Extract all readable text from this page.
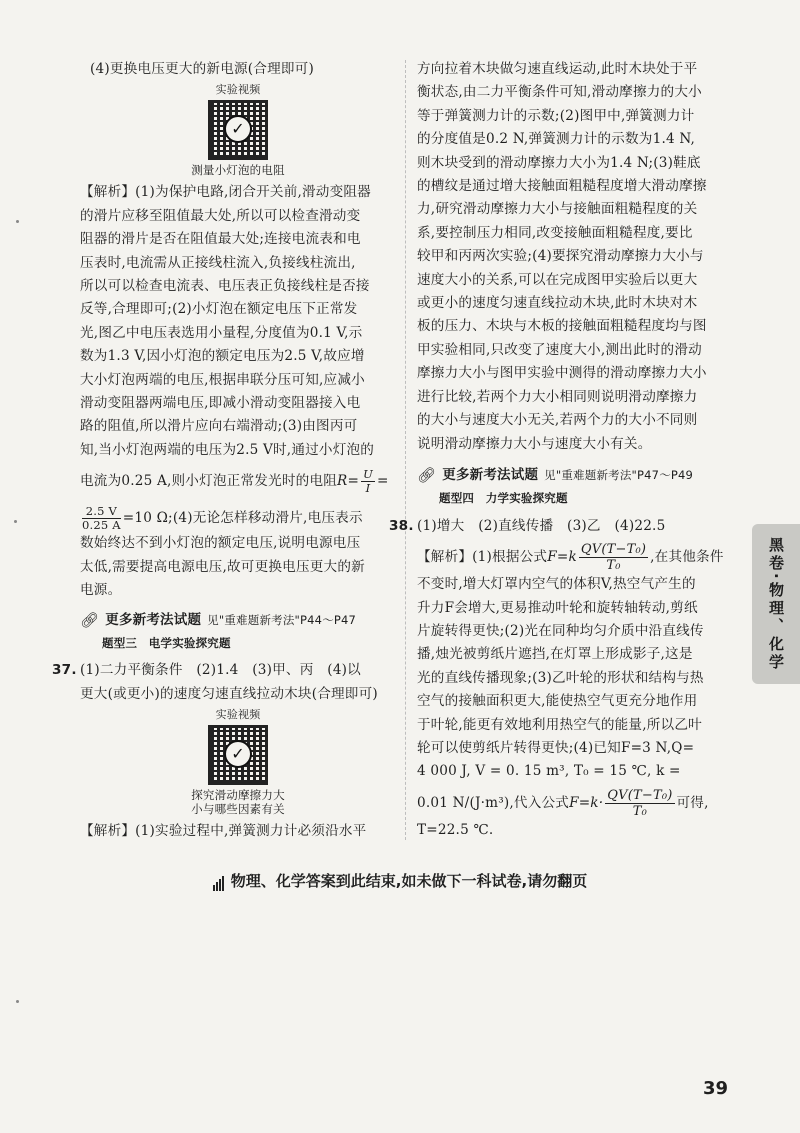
(4)更换电压更大的新电源(合理即可)

实验视频
✓
测量小灯泡的电阻

【解析】(1)为保护电路,闭合开关前,滑动变阻器

的滑片应移至阻值最大处,所以可以检查滑动变

阻器的滑片是否在阻值最大处;连接电流表和电

压表时,电流需从正接线柱流入,负接线柱流出,

所以可以检查电流表、电压表正负接线柱是否接

反等,合理即可;(2)小灯泡在额定电压下正常发

光,图乙中电压表选用小量程,分度值为0.1 V,示

数为1.3 V,因小灯泡的额定电压为2.5 V,故应增

大小灯泡两端的电压,根据串联分压可知,应减小

滑动变阻器两端电压,即减小滑动变阻器接入电

路的阻值,所以滑片应向右端滑动;(3)由图丙可

知,当小灯泡两端的电压为2.5 V时,通过小灯泡的

电流为0.25 A,则小灯泡正常发光时的电阻$R= \frac{U}{I}$ =

$\frac{2.5 V}{0.25 A} =10$ Ω;(4)无论怎样移动滑片,电压表示

数始终达不到小灯泡的额定电压,说明电源电压

太低,需要提高电源电压,故可更换电压更大的新

电源。

🔗︎ 更多新考法试题 见"重难题新考法"P44～P47
题型三　电学实验探究题

37. (1)二力平衡条件　(2)1.4　(3)甲、丙　(4)以

更大(或更小)的速度匀速直线拉动木块(合理即可)

实验视频
✓
探究滑动摩擦力大
小与哪些因素有关

【解析】(1)实验过程中,弹簧测力计必须沿水平

方向拉着木块做匀速直线运动,此时木块处于平

衡状态,由二力平衡条件可知,滑动摩擦力的大小

等于弹簧测力计的示数;(2)图甲中,弹簧测力计

的分度值是0.2 N,弹簧测力计的示数为1.4 N,

则木块受到的滑动摩擦力大小为1.4 N;(3)鞋底

的槽纹是通过增大接触面粗糙程度增大滑动摩擦

力,研究滑动摩擦力大小与接触面粗糙程度的关

系,要控制压力相同,改变接触面粗糙程度,要比

较甲和丙两次实验;(4)要探究滑动摩擦力大小与

速度大小的关系,可以在完成图甲实验后以更大

或更小的速度匀速直线拉动木块,此时木块对木

板的压力、木块与木板的接触面粗糙程度均与图

甲实验相同,只改变了速度大小,测出此时的滑动

摩擦力大小与图甲实验中测得的滑动摩擦力大小

进行比较,若两个力大小相同则说明滑动摩擦力

的大小与速度大小无关,若两个力的大小不同则

说明滑动摩擦力大小与速度大小有关。

🔗︎ 更多新考法试题 见"重难题新考法"P47～P49
题型四　力学实验探究题

38. (1)增大　(2)直线传播　(3)乙　(4)22.5

【解析】(1)根据公式$F=k \frac{\text{QV(T−T₀)}}{\text{T₀}}$ ,在其他条件

不变时,增大灯罩内空气的体积V,热空气产生的

升力F会增大,更易推动叶轮和旋转轴转动,剪纸

片旋转得更快;(2)光在同种均匀介质中沿直线传

播,烛光被剪纸片遮挡,在灯罩上形成影子,这是

光的直线传播现象;(3)乙叶轮的形状和结构与热

空气的接触面积更大,能使热空气更充分地作用

于叶轮,能更有效地利用热空气的能量,所以乙叶

轮可以使剪纸片转得更快;(4)已知F=3 N,Q=

4 000 J, V = 0. 15 m³, T₀ = 15 ℃, k =

0.01 N/(J·m³),代入公式$F=k\cdot \frac{\text{QV(T−T₀)}}{\text{T₀}}$ 可得,

T=22.5 ℃.

黑卷·物理、化学
物理、化学答案到此结束,如未做下一科试卷,请勿翻页
39
